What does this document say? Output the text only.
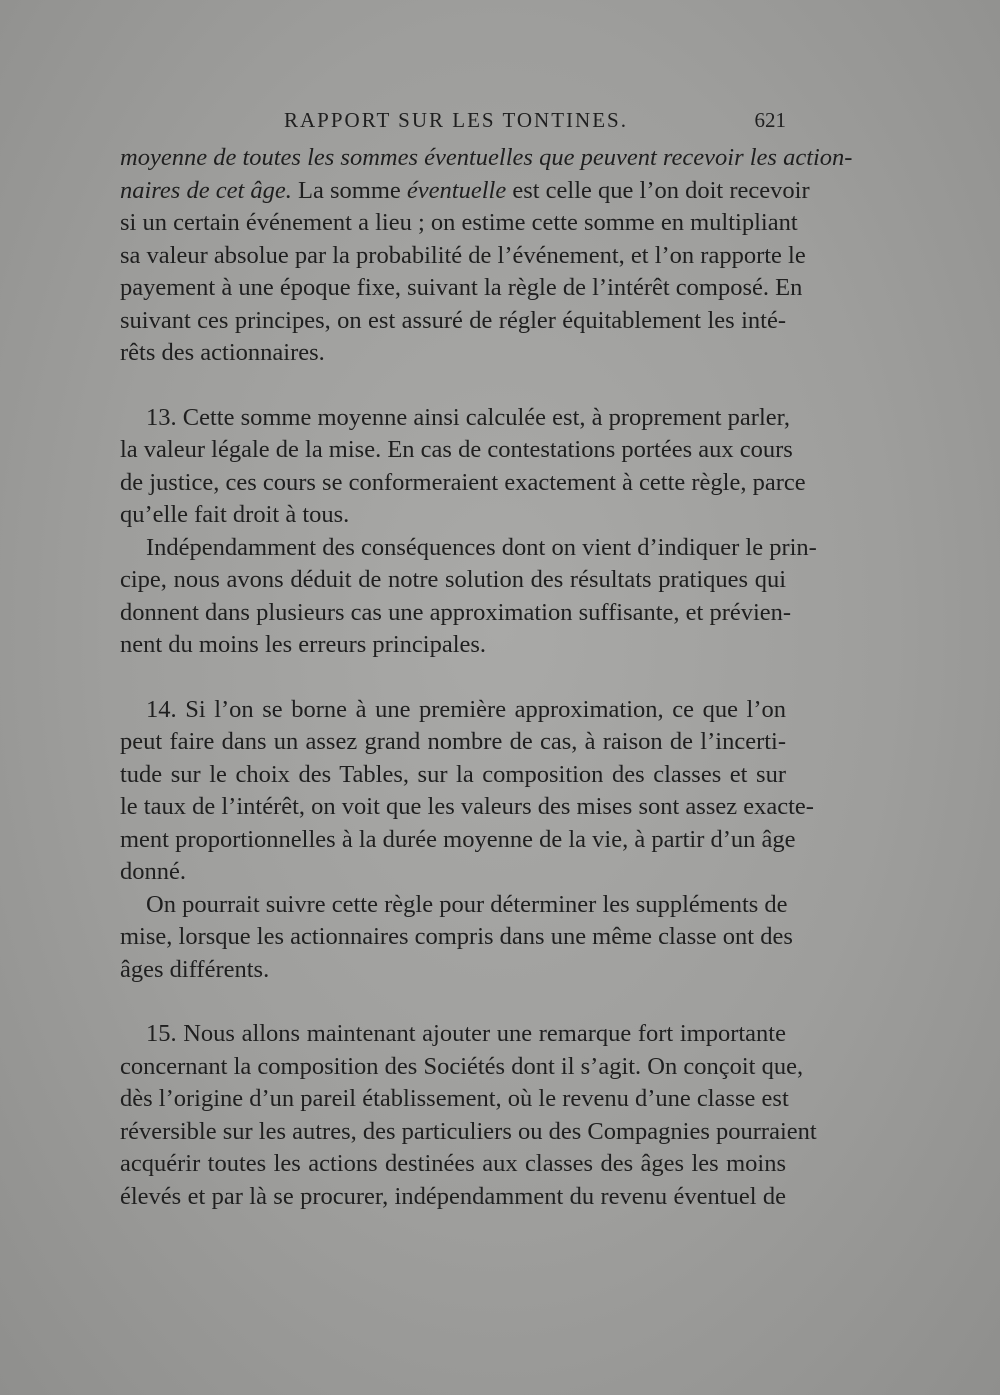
RAPPORT SUR LES TONTINES.	621
moyenne de toutes les sommes éventuelles que peuvent recevoir les action-
naires de cet âge. La somme éventuelle est celle que l’on doit recevoir
si un certain événement a lieu ; on estime cette somme en multipliant
sa valeur absolue par la probabilité de l’événement, et l’on rapporte le
payement à une époque fixe, suivant la règle de l’intérêt composé. En
suivant ces principes, on est assuré de régler équitablement les inté-
rêts des actionnaires.
13. Cette somme moyenne ainsi calculée est, à proprement parler,
la valeur légale de la mise. En cas de contestations portées aux cours
de justice, ces cours se conformeraient exactement à cette règle, parce
qu’elle fait droit à tous.
Indépendamment des conséquences dont on vient d’indiquer le prin-
cipe, nous avons déduit de notre solution des résultats pratiques qui
donnent dans plusieurs cas une approximation suffisante, et prévien-
nent du moins les erreurs principales.
14. Si l’on se borne à une première approximation, ce que l’on
peut faire dans un assez grand nombre de cas, à raison de l’incerti-
tude sur le choix des Tables, sur la composition des classes et sur
le taux de l’intérêt, on voit que les valeurs des mises sont assez exacte-
ment proportionnelles à la durée moyenne de la vie, à partir d’un âge
donné.
On pourrait suivre cette règle pour déterminer les suppléments de
mise, lorsque les actionnaires compris dans une même classe ont des
âges différents.
15. Nous allons maintenant ajouter une remarque fort importante
concernant la composition des Sociétés dont il s’agit. On conçoit que,
dès l’origine d’un pareil établissement, où le revenu d’une classe est
réversible sur les autres, des particuliers ou des Compagnies pourraient
acquérir toutes les actions destinées aux classes des âges les moins
élevés et par là se procurer, indépendamment du revenu éventuel de
